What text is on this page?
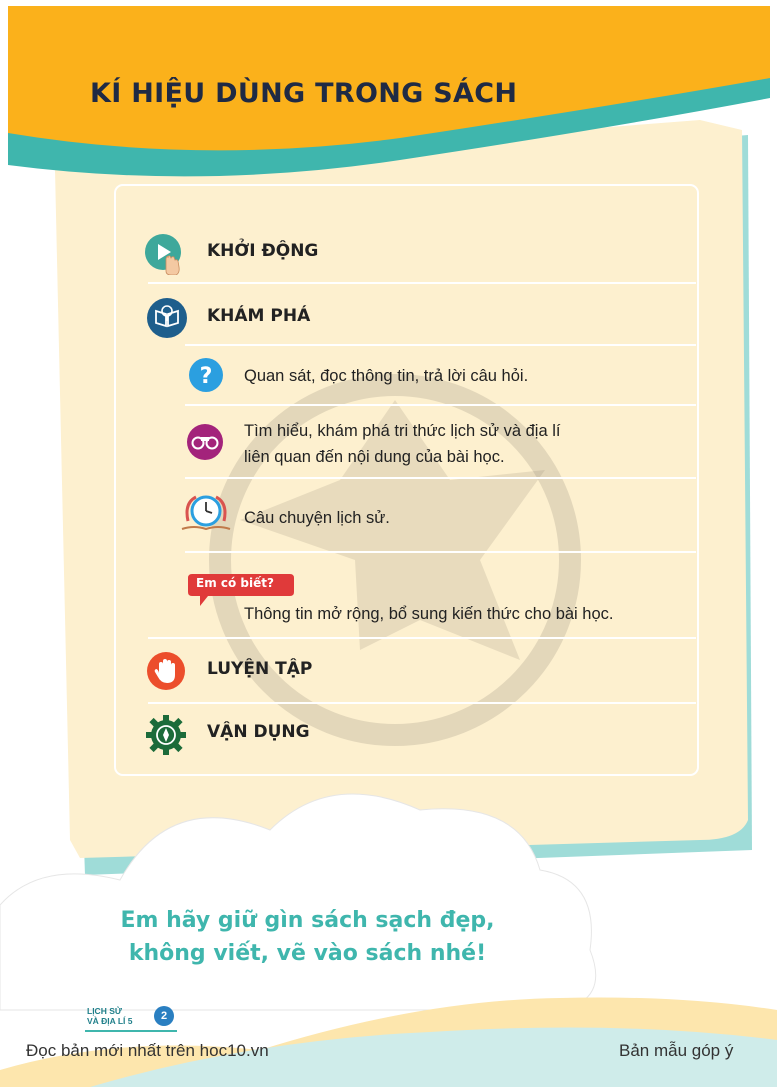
KÍ HIỆU DÙNG TRONG SÁCH
KHỞI ĐỘNG
KHÁM PHÁ
? Quan sát, đọc thông tin, trả lời câu hỏi.
Tìm hiểu, khám phá tri thức lịch sử và địa lí
liên quan đến nội dung của bài học.
Câu chuyện lịch sử.
Em có biết?
Thông tin mở rộng, bổ sung kiến thức cho bài học.
LUYỆN TẬP
VẬN DỤNG
Em hãy giữ gìn sách sạch đẹp,
không viết, vẽ vào sách nhé!
LỊCH SỬ
VÀ ĐỊA LÍ 5	2
Đọc bản mới nhất trên hoc10.vn	Bản mẫu góp ý
